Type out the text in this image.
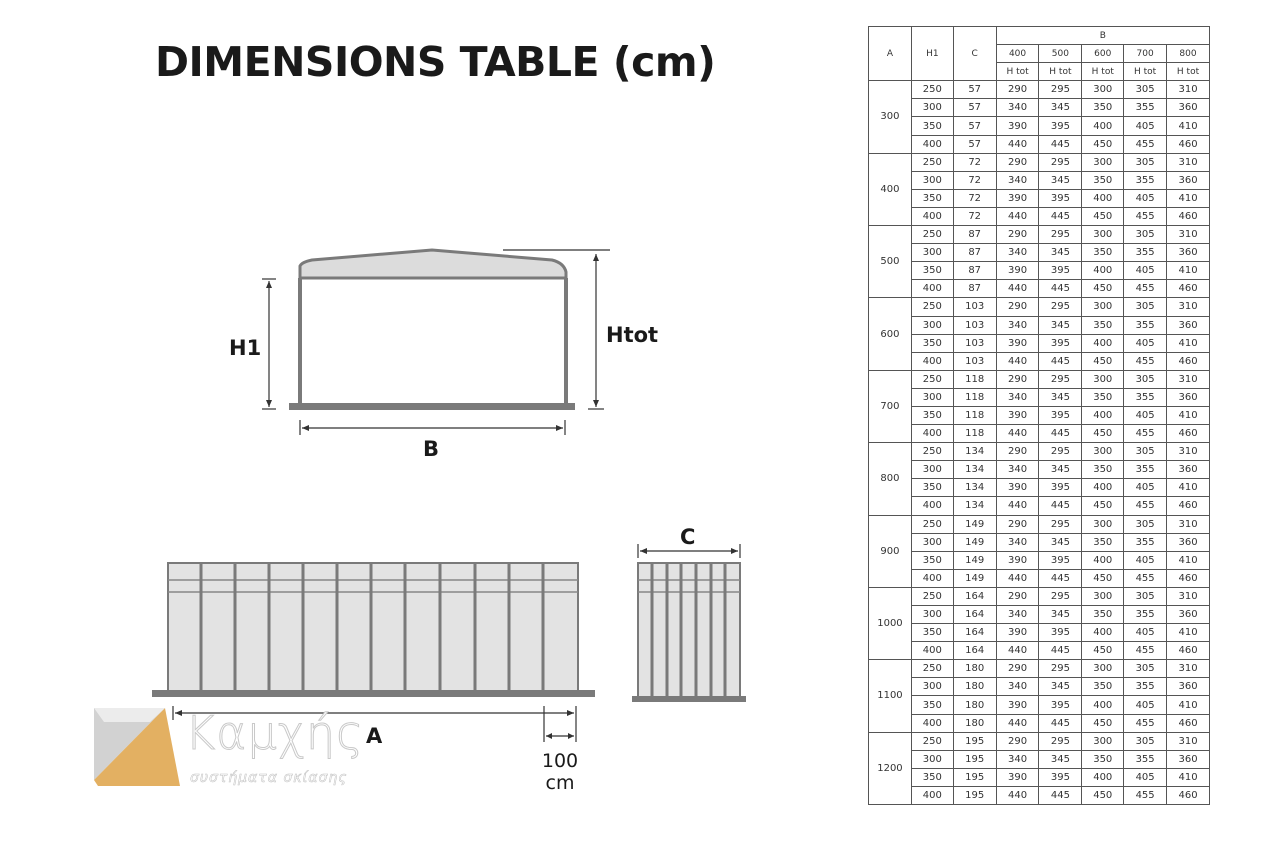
DIMENSIONS TABLE (cm)
H1
Htot
B
C
A
100
cm
Καμχής
συστήματα σκίασης
A	H1	C	B				
			400	500	600	700	800
			H tot	H tot	H tot	H tot	H tot
300	250	57	290	295	300	305	310
	300	57	340	345	350	355	360
	350	57	390	395	400	405	410
	400	57	440	445	450	455	460
400	250	72	290	295	300	305	310
	300	72	340	345	350	355	360
	350	72	390	395	400	405	410
	400	72	440	445	450	455	460
500	250	87	290	295	300	305	310
	300	87	340	345	350	355	360
	350	87	390	395	400	405	410
	400	87	440	445	450	455	460
600	250	103	290	295	300	305	310
	300	103	340	345	350	355	360
	350	103	390	395	400	405	410
	400	103	440	445	450	455	460
700	250	118	290	295	300	305	310
	300	118	340	345	350	355	360
	350	118	390	395	400	405	410
	400	118	440	445	450	455	460
800	250	134	290	295	300	305	310
	300	134	340	345	350	355	360
	350	134	390	395	400	405	410
	400	134	440	445	450	455	460
900	250	149	290	295	300	305	310
	300	149	340	345	350	355	360
	350	149	390	395	400	405	410
	400	149	440	445	450	455	460
1000	250	164	290	295	300	305	310
	300	164	340	345	350	355	360
	350	164	390	395	400	405	410
	400	164	440	445	450	455	460
1100	250	180	290	295	300	305	310
	300	180	340	345	350	355	360
	350	180	390	395	400	405	410
	400	180	440	445	450	455	460
1200	250	195	290	295	300	305	310
	300	195	340	345	350	355	360
	350	195	390	395	400	405	410
	400	195	440	445	450	455	460
